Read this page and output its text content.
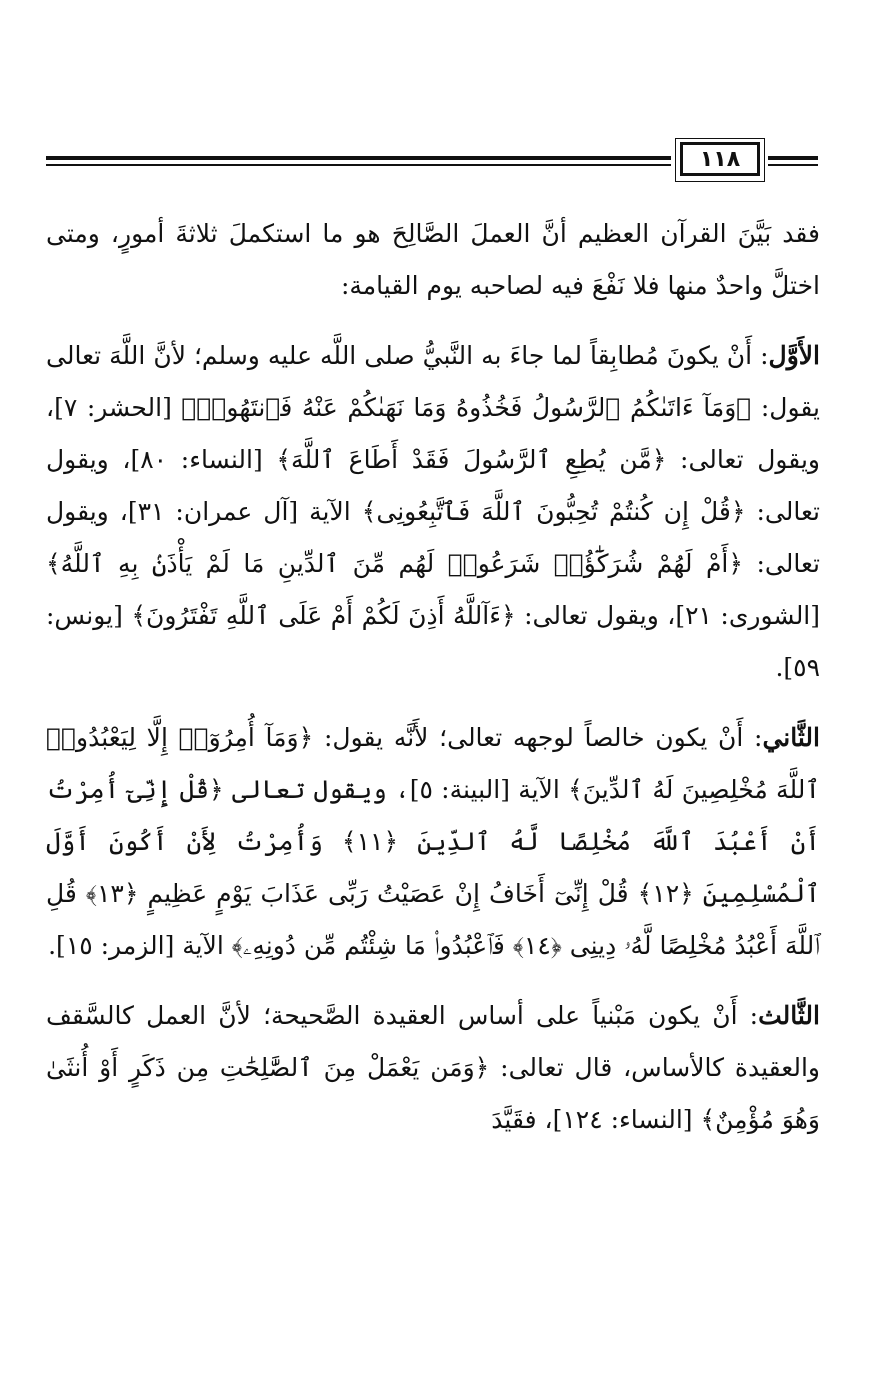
١١٨

فقد بَيَّنَ القرآن العظيم أنَّ العملَ الصَّالِحَ هو ما استكملَ ثلاثةَ أمورٍ، ومتى اختلَّ واحدٌ منها فلا نَفْعَ فيه لصاحبه يوم القيامة:

الأَوَّل: أَنْ يكونَ مُطابِقاً لما جاءَ به النَّبيُّ صلى اللَّه عليه وسلم؛ لأنَّ اللَّهَ تعالى يقول: ﴿وَمَآ ءَاتَىٰكُمُ ٱلرَّسُولُ فَخُذُوهُ وَمَا نَهَىٰكُمْ عَنْهُ فَٱنتَهُوا۟﴾ [الحشر: ٧]، ويقول تعالى: ﴿مَّن يُطِعِ ٱلرَّسُولَ فَقَدْ أَطَاعَ ٱللَّهَ﴾ [النساء: ٨٠]، ويقول تعالى: ﴿قُلْ إِن كُنتُمْ تُحِبُّونَ ٱللَّهَ فَٱتَّبِعُونِى﴾ الآية [آل عمران: ٣١]، ويقول تعالى: ﴿أَمْ لَهُمْ شُرَكَٰٓؤُا۟ شَرَعُوا۟ لَهُم مِّنَ ٱلدِّينِ مَا لَمْ يَأْذَنۢ بِهِ ٱللَّهُ﴾ [الشورى: ٢١]، ويقول تعالى: ﴿ءَآللَّهُ أَذِنَ لَكُمْ أَمْ عَلَى ٱللَّهِ تَفْتَرُونَ﴾ [يونس: ٥٩].

الثَّاني: أَنْ يكون خالصاً لوجهه تعالى؛ لأَنَّه يقول: ﴿وَمَآ أُمِرُوٓا۟ إِلَّا لِيَعْبُدُوا۟ ٱللَّهَ مُخْلِصِينَ لَهُ ٱلدِّينَ﴾ الآية [البينة: ٥]، ويقول تعالى ﴿قُلْ إِنِّىٓ أُمِرْتُ أَنْ أَعْبُدَ ٱللَّهَ مُخْلِصًا لَّهُ ٱلدِّينَ ﴿١١﴾ وَأُمِرْتُ لِأَنْ أَكُونَ أَوَّلَ ٱلْمُسْلِمِينَ ﴿١٢﴾ قُلْ إِنِّىٓ أَخَافُ إِنْ عَصَيْتُ رَبِّى عَذَابَ يَوْمٍ عَظِيمٍ ﴿١٣﴾ قُلِ ٱللَّهَ أَعْبُدُ مُخْلِصًا لَّهُۥ دِينِى ﴿١٤﴾ فَٱعْبُدُوا۟ مَا شِئْتُم مِّن دُونِهِۦ﴾ الآية [الزمر: ١٥].

الثَّالث: أَنْ يكون مَبْنياً على أساس العقيدة الصَّحيحة؛ لأنَّ العمل كالسَّقف والعقيدة كالأساس، قال تعالى: ﴿وَمَن يَعْمَلْ مِنَ ٱلصَّٰلِحَٰتِ مِن ذَكَرٍ أَوْ أُنثَىٰ وَهُوَ مُؤْمِنٌ﴾ [النساء: ١٢٤]، فقَيَّدَ
